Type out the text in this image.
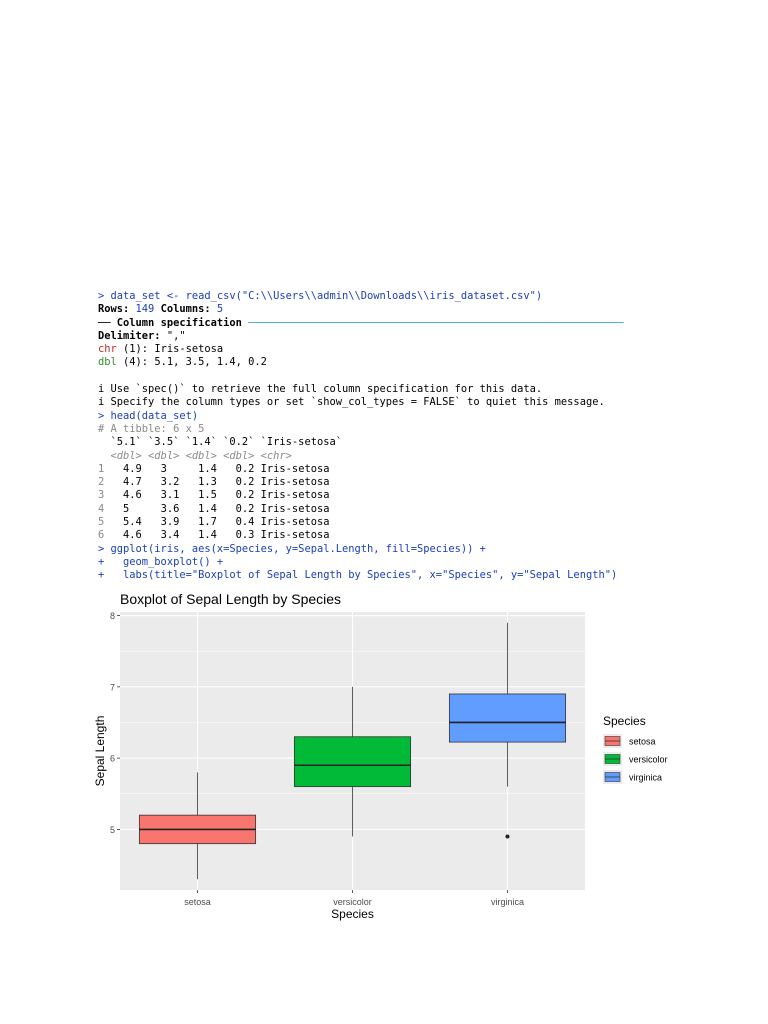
> data_set <- read_csv("C:\\Users\\admin\\Downloads\\iris_dataset.csv")
Rows: 149 Columns: 5
── Column specification ────────────────────────────────────────────────────────────
Delimiter: ","
chr (1): Iris-setosa
dbl (4): 5.1, 3.5, 1.4, 0.2
i Use `spec()` to retrieve the full column specification for this data.
i Specify the column types or set `show_col_types = FALSE` to quiet this message.
> head(data_set)
# A tibble: 6 x 5
`5.1` `3.5` `1.4` `0.2` `Iris-setosa`
<dbl> <dbl> <dbl> <dbl> <chr>
1   4.9   3     1.4   0.2 Iris-setosa
2   4.7   3.2   1.3   0.2 Iris-setosa
3   4.6   3.1   1.5   0.2 Iris-setosa
4   5     3.6   1.4   0.2 Iris-setosa
5   5.4   3.9   1.7   0.4 Iris-setosa
6   4.6   3.4   1.4   0.3 Iris-setosa
> ggplot(iris, aes(x=Species, y=Sepal.Length, fill=Species)) +
+   geom_boxplot() +
+   labs(title="Boxplot of Sepal Length by Species", x="Species", y="Sepal Length")
Boxplot of Sepal Length by Species
5
6
7
8
setosa	versicolor	virginica
Species
Sepal Length	Species
setosa
versicolor
virginica
